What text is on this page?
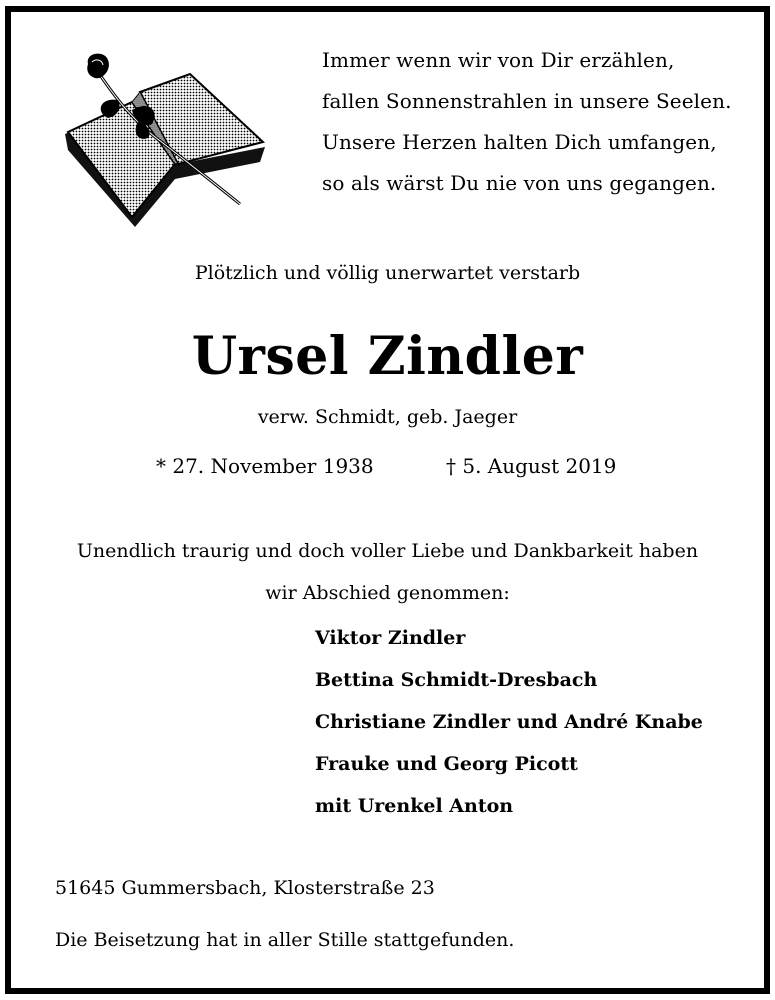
Immer wenn wir von Dir erzählen,
fallen Sonnenstrahlen in unsere Seelen.
Unsere Herzen halten Dich umfangen,
so als wärst Du nie von uns gegangen.
Plötzlich und völlig unerwartet verstarb
Ursel Zindler
verw. Schmidt, geb. Jaeger
* 27. November 1938	† 5. August 2019
Unendlich traurig und doch voller Liebe und Dankbarkeit haben
wir Abschied genommen:
Viktor Zindler
Bettina Schmidt-Dresbach
Christiane Zindler und André Knabe
Frauke und Georg Picott
mit Urenkel Anton
51645 Gummersbach, Klosterstraße 23
Die Beisetzung hat in aller Stille stattgefunden.
